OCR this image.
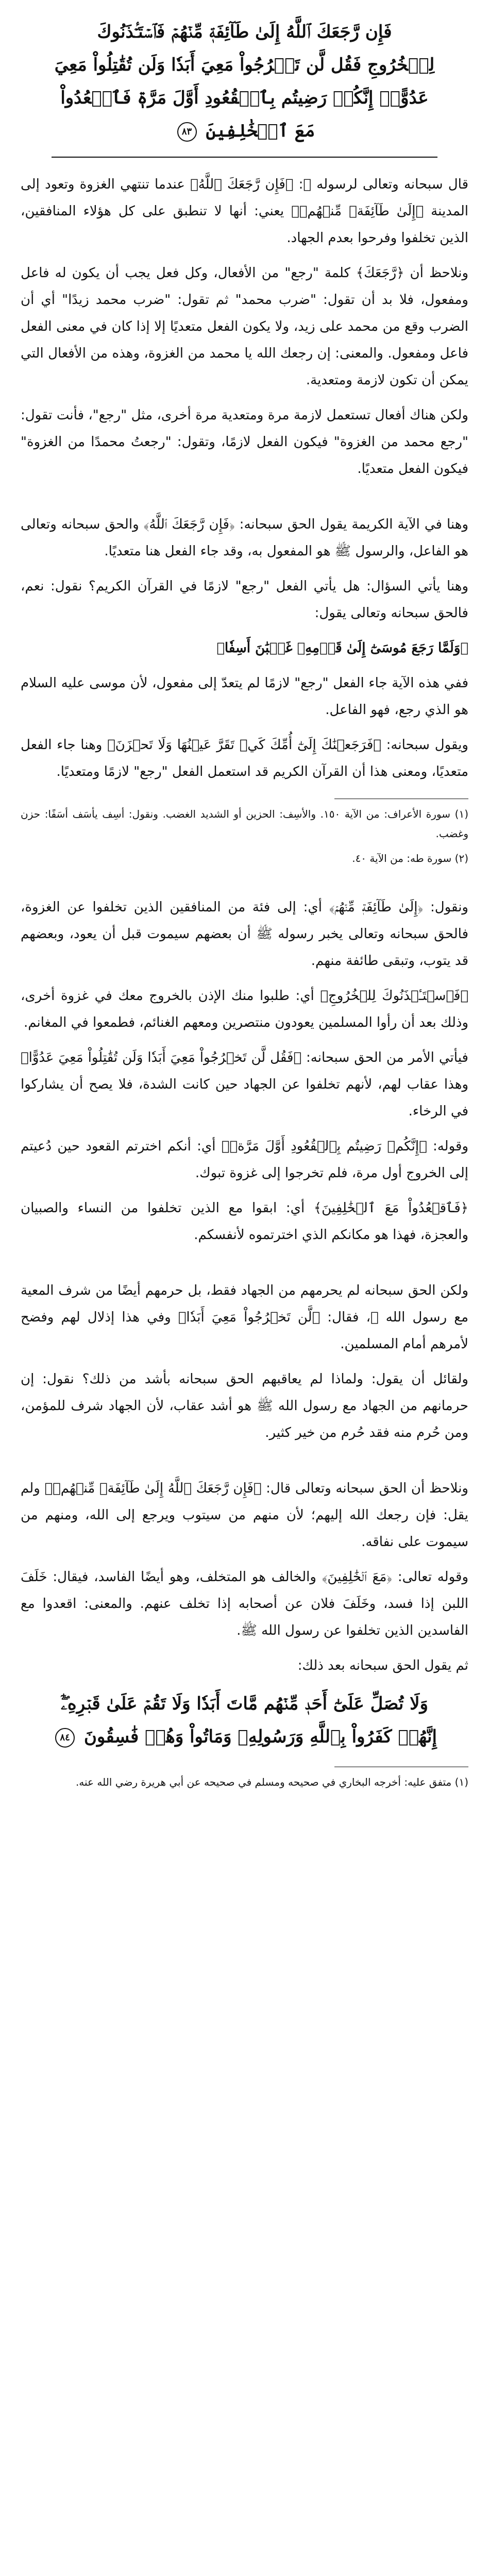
فَإِن رَّجَعَكَ ٱللَّهُ إِلَىٰ طَآئِفَةٖ مِّنۡهُمۡ فَٱسۡتَـٔۡذَنُوكَ
لِلۡخُرُوجِ فَقُل لَّن تَخۡرُجُواْ مَعِيَ أَبَدٗا وَلَن تُقَٰتِلُواْ مَعِيَ
عَدُوًّاۖ إِنَّكُمۡ رَضِيتُم بِٱلۡقُعُودِ أَوَّلَ مَرَّةٖ فَٱقۡعُدُواْ
مَعَ ٱلۡخَٰلِفِينَ ٨٣

قال سبحانه وتعالى لرسوله ﷺ: ﴿فَإِن رَّجَعَكَ ٱللَّهُ﴾ عندما تنتهي الغزوة وتعود إلى المدينة ﴿إِلَىٰ طَآئِفَةٖ مِّنۡهُمۡ﴾ يعني: أنها لا تنطبق على كل هؤلاء المنافقين، الذين تخلفوا وفرحوا بعدم الجهاد.

ونلاحظ أن ﴿رَّجَعَكَ﴾ كلمة "رجع" من الأفعال، وكل فعل يجب أن يكون له فاعل ومفعول، فلا بد أن تقول: "ضرب محمد" ثم تقول: "ضرب محمد زيدًا" أي أن الضرب وقع من محمد على زيد، ولا يكون الفعل متعديًا إلا إذا كان في معنى الفعل فاعل ومفعول. والمعنى: إن رجعك الله يا محمد من الغزوة، وهذه من الأفعال التي يمكن أن تكون لازمة ومتعدية.

ولكن هناك أفعال تستعمل لازمة مرة ومتعدية مرة أخرى، مثل "رجع"، فأنت تقول: "رجع محمد من الغزوة" فيكون الفعل لازمًا، وتقول: "رجعتُ محمدًا من الغزوة" فيكون الفعل متعديًا.

وهنا في الآية الكريمة يقول الحق سبحانه: ﴿فَإِن رَّجَعَكَ ٱللَّهُ﴾ والحق سبحانه وتعالى هو الفاعل، والرسول ﷺ هو المفعول به، وقد جاء الفعل هنا متعديًا.

وهنا يأتي السؤال: هل يأتي الفعل "رجع" لازمًا في القرآن الكريم؟ نقول: نعم، فالحق سبحانه وتعالى يقول:

﴿وَلَمَّا رَجَعَ مُوسَىٰٓ إِلَىٰ قَوۡمِهِۦ غَضۡبَٰنَ أَسِفٗا﴾

ففي هذه الآية جاء الفعل "رجع" لازمًا لم يتعدّ إلى مفعول، لأن موسى عليه السلام هو الذي رجع، فهو الفاعل.

ويقول سبحانه: ﴿فَرَجَعۡنَٰكَ إِلَىٰٓ أُمِّكَ كَيۡ تَقَرَّ عَيۡنُهَا وَلَا تَحۡزَنَ﴾ وهنا جاء الفعل متعديًا، ومعنى هذا أن القرآن الكريم قد استعمل الفعل "رجع" لازمًا ومتعديًا.

(١) سورة الأعراف: من الآية ١٥٠. والأسِف: الحزين أو الشديد الغضب. ونقول: أسِف يأسَف أسَفًا: حزن وغضب.

(٢) سورة طه: من الآية ٤٠.

ونقول: ﴿إِلَىٰ طَآئِفَةٖ مِّنۡهُمۡ﴾ أي: إلى فئة من المنافقين الذين تخلفوا عن الغزوة، فالحق سبحانه وتعالى يخبر رسوله ﷺ أن بعضهم سيموت قبل أن يعود، وبعضهم قد يتوب، وتبقى طائفة منهم.

﴿فَٱسۡتَـٔۡذَنُوكَ لِلۡخُرُوجِ﴾ أي: طلبوا منك الإذن بالخروج معك في غزوة أخرى، وذلك بعد أن رأوا المسلمين يعودون منتصرين ومعهم الغنائم، فطمعوا في المغانم.

فيأتي الأمر من الحق سبحانه: ﴿فَقُل لَّن تَخۡرُجُواْ مَعِيَ أَبَدٗا وَلَن تُقَٰتِلُواْ مَعِيَ عَدُوًّا﴾ وهذا عقاب لهم، لأنهم تخلفوا عن الجهاد حين كانت الشدة، فلا يصح أن يشاركوا في الرخاء.

وقوله: ﴿إِنَّكُمۡ رَضِيتُم بِٱلۡقُعُودِ أَوَّلَ مَرَّةٖ﴾ أي: أنكم اخترتم القعود حين دُعيتم إلى الخروج أول مرة، فلم تخرجوا إلى غزوة تبوك.

﴿فَٱقۡعُدُواْ مَعَ ٱلۡخَٰلِفِينَ﴾ أي: ابقوا مع الذين تخلفوا من النساء والصبيان والعجزة، فهذا هو مكانكم الذي اخترتموه لأنفسكم.

ولكن الحق سبحانه لم يحرمهم من الجهاد فقط، بل حرمهم أيضًا من شرف المعية مع رسول الله ﷺ، فقال: ﴿لَّن تَخۡرُجُواْ مَعِيَ أَبَدٗا﴾ وفي هذا إذلال لهم وفضح لأمرهم أمام المسلمين.

ولقائل أن يقول: ولماذا لم يعاقبهم الحق سبحانه بأشد من ذلك؟ نقول: إن حرمانهم من الجهاد مع رسول الله ﷺ هو أشد عقاب، لأن الجهاد شرف للمؤمن، ومن حُرم منه فقد حُرم من خير كثير.

ونلاحظ أن الحق سبحانه وتعالى قال: ﴿فَإِن رَّجَعَكَ ٱللَّهُ إِلَىٰ طَآئِفَةٖ مِّنۡهُمۡ﴾ ولم يقل: فإن رجعك الله إليهم؛ لأن منهم من سيتوب ويرجع إلى الله، ومنهم من سيموت على نفاقه.

وقوله تعالى: ﴿مَعَ ٱلۡخَٰلِفِينَ﴾ والخالف هو المتخلف، وهو أيضًا الفاسد، فيقال: خَلَفَ اللبن إذا فسد، وخَلَفَ فلان عن أصحابه إذا تخلف عنهم. والمعنى: اقعدوا مع الفاسدين الذين تخلفوا عن رسول الله ﷺ.

ثم يقول الحق سبحانه بعد ذلك:

وَلَا تُصَلِّ عَلَىٰٓ أَحَدٖ مِّنۡهُم مَّاتَ أَبَدٗا وَلَا تَقُمۡ عَلَىٰ قَبۡرِهِۦٓۖ
إِنَّهُمۡ كَفَرُواْ بِٱللَّهِ وَرَسُولِهِۦ وَمَاتُواْ وَهُمۡ فَٰسِقُونَ ٨٤

(١) متفق عليه: أخرجه البخاري في صحيحه ومسلم في صحيحه عن أبي هريرة رضي الله عنه.
